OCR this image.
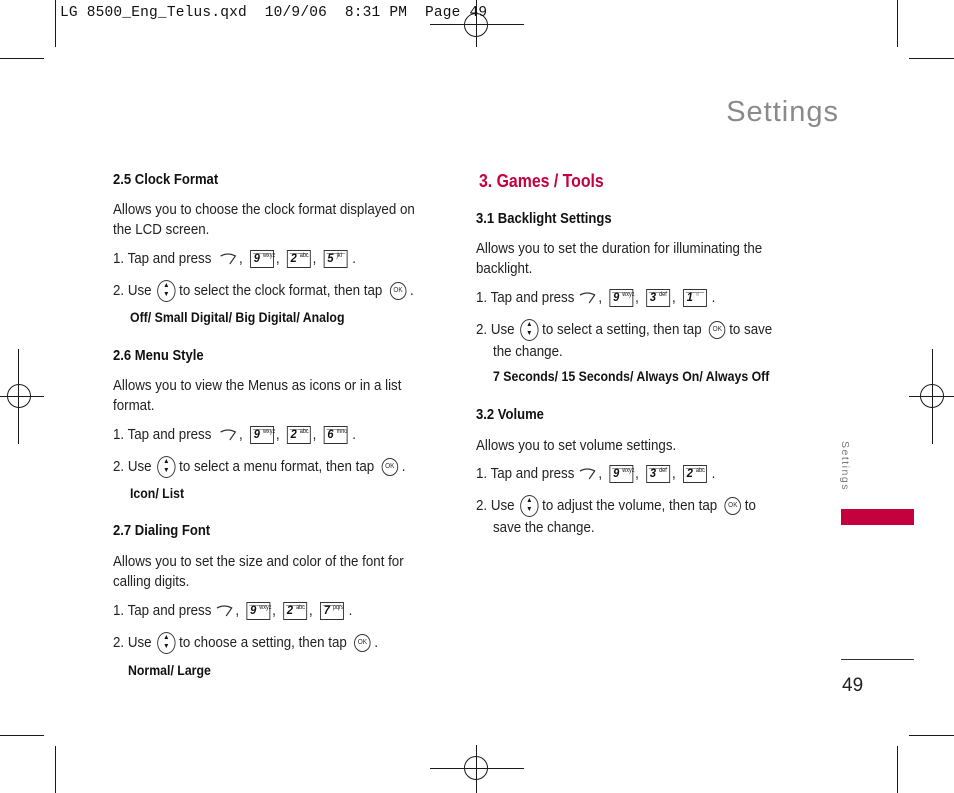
LG 8500_Eng_Telus.qxd  10/9/06  8:31 PM  Page 49
Settings
2.5 Clock Format
Allows you to choose the clock format displayed on the LCD screen.
1. Tap and press , 9 wxyz , 2 abc , 5 jkl .
2. Use	▲
▼ to select the clock format, then tap	OK .
Off/ Small Digital/ Big Digital/ Analog
2.6 Menu Style
Allows you to view the Menus as icons or in a list format.
1. Tap and press , 9 wxyz , 2 abc , 6 mno .
2. Use	▲
▼ to select a menu format, then tap	OK .
Icon/ List
2.7 Dialing Font
Allows you to set the size and color of the font for calling digits.
1. Tap and press , 9 wxyz , 2 abc , 7 pqrs .
2. Use	▲
▼ to choose a setting, then tap	OK .
Normal/ Large
3. Games / Tools
3.1 Backlight Settings
Allows you to set the duration for illuminating the backlight.
1. Tap and press , 9 wxyz , 3 def , 1 ○ .
2. Use	▲
▼ to select a setting, then tap	OK to save
the change.
7 Seconds/ 15 Seconds/ Always On/ Always Off
3.2 Volume
Allows you to set volume settings.
1. Tap and press , 9 wxyz , 3 def , 2 abc .
2. Use	▲
▼ to adjust the volume, then tap	OK to
save the change.
Settings
49
